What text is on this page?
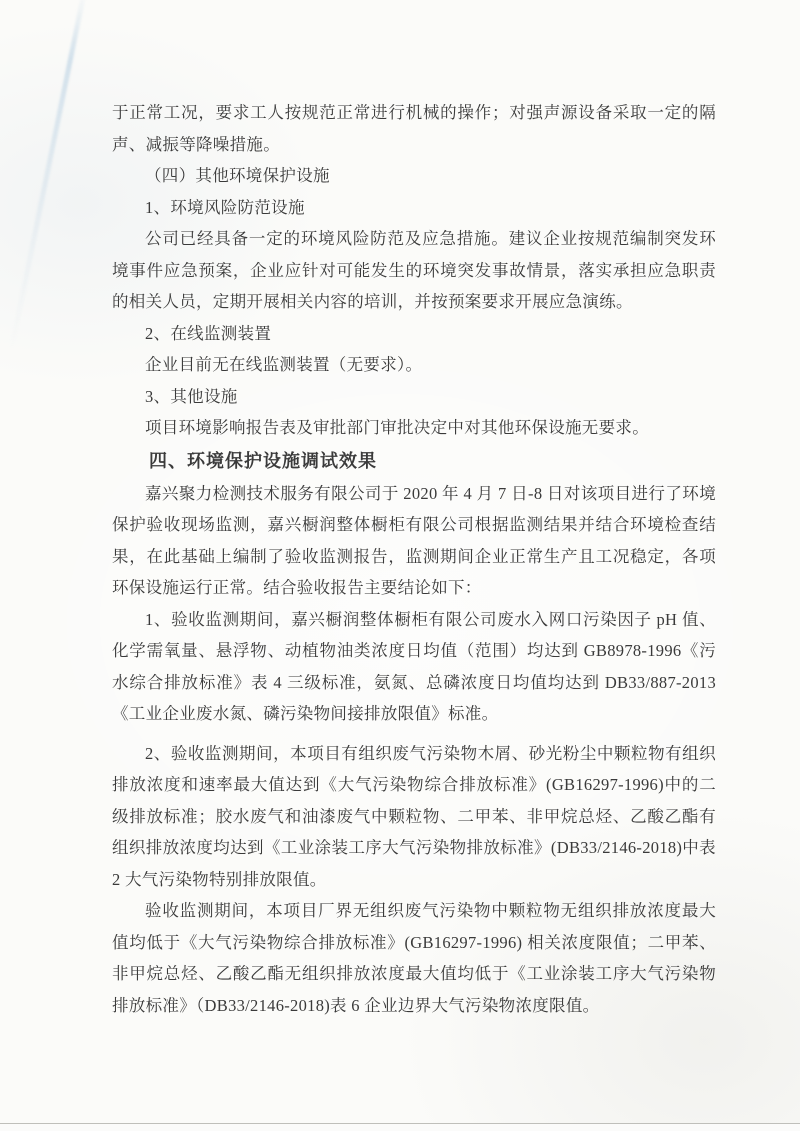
于正常工况，要求工人按规范正常进行机械的操作；对强声源设备采取一定的隔声、减振等降噪措施。
（四）其他环境保护设施
1、环境风险防范设施
公司已经具备一定的环境风险防范及应急措施。建议企业按规范编制突发环境事件应急预案，企业应针对可能发生的环境突发事故情景，落实承担应急职责的相关人员，定期开展相关内容的培训，并按预案要求开展应急演练。
2、在线监测装置
企业目前无在线监测装置（无要求）。
3、其他设施
项目环境影响报告表及审批部门审批决定中对其他环保设施无要求。
四、环境保护设施调试效果
嘉兴聚力检测技术服务有限公司于 2020 年 4 月 7 日-8 日对该项目进行了环境保护验收现场监测，嘉兴橱润整体橱柜有限公司根据监测结果并结合环境检查结果，在此基础上编制了验收监测报告，监测期间企业正常生产且工况稳定，各项环保设施运行正常。结合验收报告主要结论如下：
1、验收监测期间，嘉兴橱润整体橱柜有限公司废水入网口污染因子 pH 值、化学需氧量、悬浮物、动植物油类浓度日均值（范围）均达到 GB8978-1996《污水综合排放标准》表 4 三级标准，氨氮、总磷浓度日均值均达到 DB33/887-2013《工业企业废水氮、磷污染物间接排放限值》标准。
2、验收监测期间，本项目有组织废气污染物木屑、砂光粉尘中颗粒物有组织排放浓度和速率最大值达到《大气污染物综合排放标准》(GB16297-1996)中的二级排放标准；胶水废气和油漆废气中颗粒物、二甲苯、非甲烷总烃、乙酸乙酯有组织排放浓度均达到《工业涂装工序大气污染物排放标准》(DB33/2146-2018)中表 2 大气污染物特别排放限值。
验收监测期间，本项目厂界无组织废气污染物中颗粒物无组织排放浓度最大值均低于《大气污染物综合排放标准》(GB16297-1996) 相关浓度限值；二甲苯、非甲烷总烃、乙酸乙酯无组织排放浓度最大值均低于《工业涂装工序大气污染物排放标准》（DB33/2146-2018)表 6 企业边界大气污染物浓度限值。
